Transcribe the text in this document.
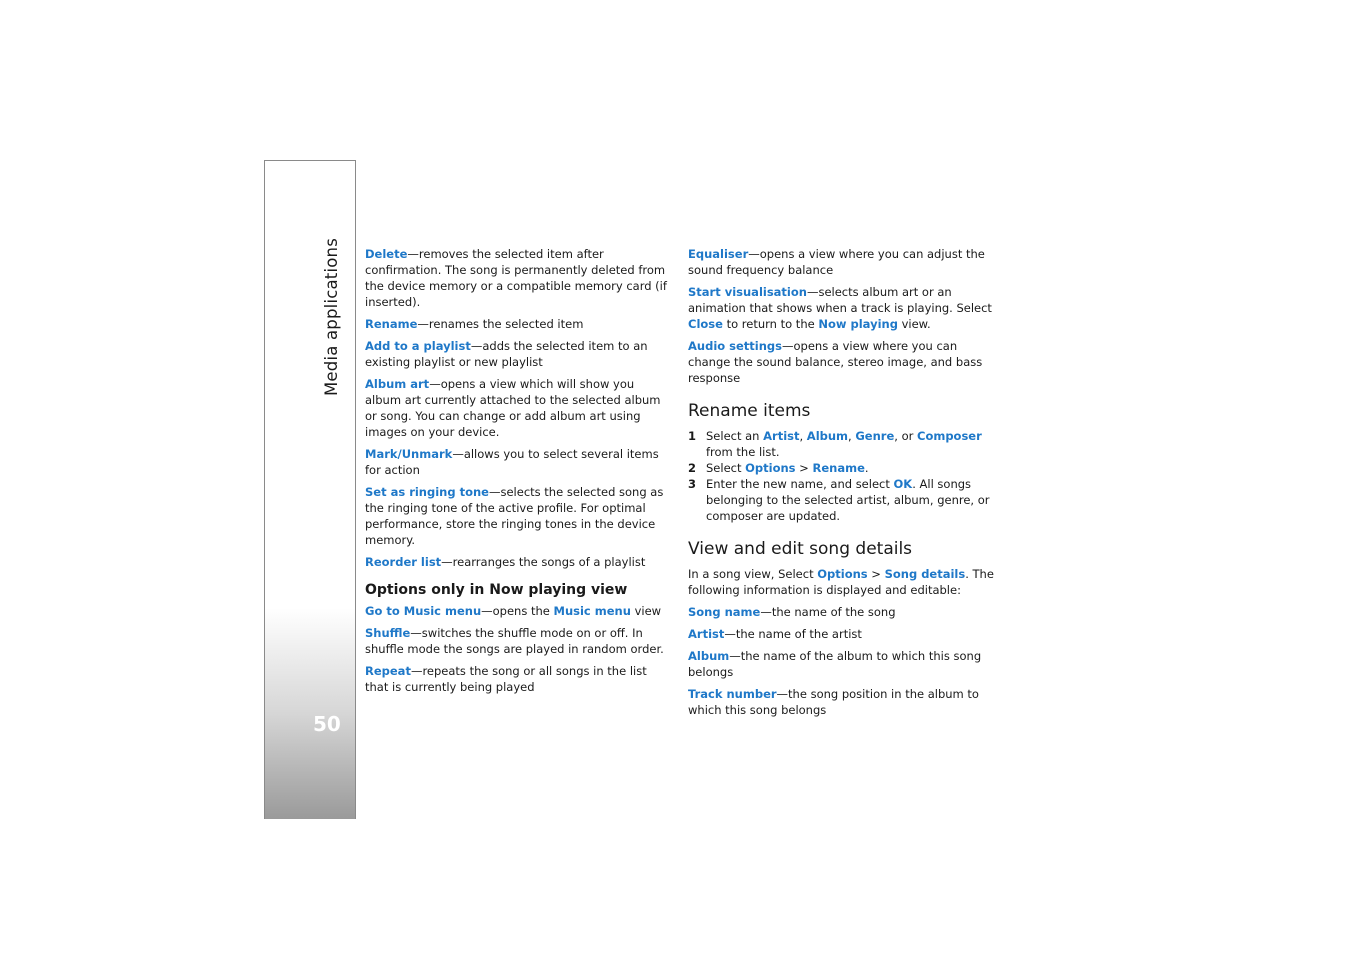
Media applications
50

Delete—removes the selected item after confirmation. The song is permanently deleted from the device memory or a compatible memory card (if inserted).

Rename—renames the selected item

Add to a playlist—adds the selected item to an existing playlist or new playlist

Album art—opens a view which will show you album art currently attached to the selected album or song. You can change or add album art using images on your device.

Mark/Unmark—allows you to select several items for action

Set as ringing tone—selects the selected song as the ringing tone of the active profile. For optimal performance, store the ringing tones in the device memory.

Reorder list—rearranges the songs of a playlist

Options only in Now playing view

Go to Music menu—opens the Music menu view

Shuffle—switches the shuffle mode on or off. In shuffle mode the songs are played in random order.

Repeat—repeats the song or all songs in the list that is currently being played

Equaliser—opens a view where you can adjust the sound frequency balance

Start visualisation—selects album art or an animation that shows when a track is playing. Select Close to return to the Now playing view.

Audio settings—opens a view where you can change the sound balance, stereo image, and bass response

Rename items
1 Select an Artist, Album, Genre, or Composer from the list.
2 Select Options > Rename.
3 Enter the new name, and select OK. All songs belonging to the selected artist, album, genre, or composer are updated.
View and edit song details

In a song view, Select Options > Song details. The following information is displayed and editable:

Song name—the name of the song

Artist—the name of the artist

Album—the name of the album to which this song belongs

Track number—the song position in the album to which this song belongs
